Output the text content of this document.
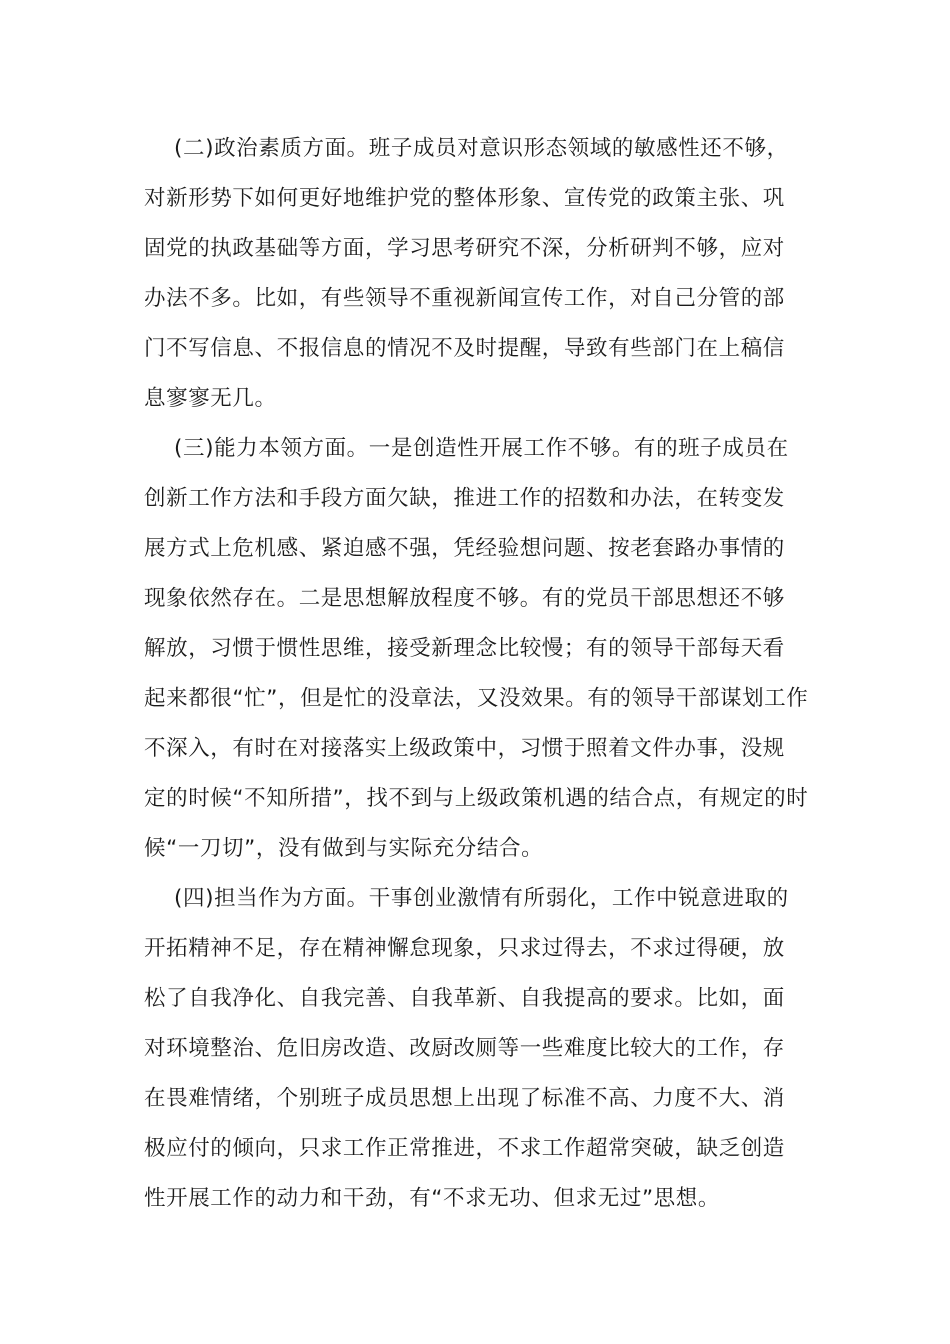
(二)政治素质方面。班子成员对意识形态领域的敏感性还不够，
对新形势下如何更好地维护党的整体形象、宣传党的政策主张、巩
固党的执政基础等方面，学习思考研究不深，分析研判不够，应对
办法不多。比如，有些领导不重视新闻宣传工作，对自己分管的部
门不写信息、不报信息的情况不及时提醒，导致有些部门在上稿信
息寥寥无几。
(三)能力本领方面。一是创造性开展工作不够。有的班子成员在
创新工作方法和手段方面欠缺，推进工作的招数和办法，在转变发
展方式上危机感、紧迫感不强，凭经验想问题、按老套路办事情的
现象依然存在。二是思想解放程度不够。有的党员干部思想还不够
解放，习惯于惯性思维，接受新理念比较慢；有的领导干部每天看
起来都很“忙”，但是忙的没章法，又没效果。有的领导干部谋划工作
不深入，有时在对接落实上级政策中，习惯于照着文件办事，没规
定的时候“不知所措”，找不到与上级政策机遇的结合点，有规定的时
候“一刀切”，没有做到与实际充分结合。
(四)担当作为方面。干事创业激情有所弱化，工作中锐意进取的
开拓精神不足，存在精神懈怠现象，只求过得去，不求过得硬，放
松了自我净化、自我完善、自我革新、自我提高的要求。比如，面
对环境整治、危旧房改造、改厨改厕等一些难度比较大的工作，存
在畏难情绪，个别班子成员思想上出现了标准不高、力度不大、消
极应付的倾向，只求工作正常推进，不求工作超常突破，缺乏创造
性开展工作的动力和干劲，有“不求无功、但求无过”思想。
